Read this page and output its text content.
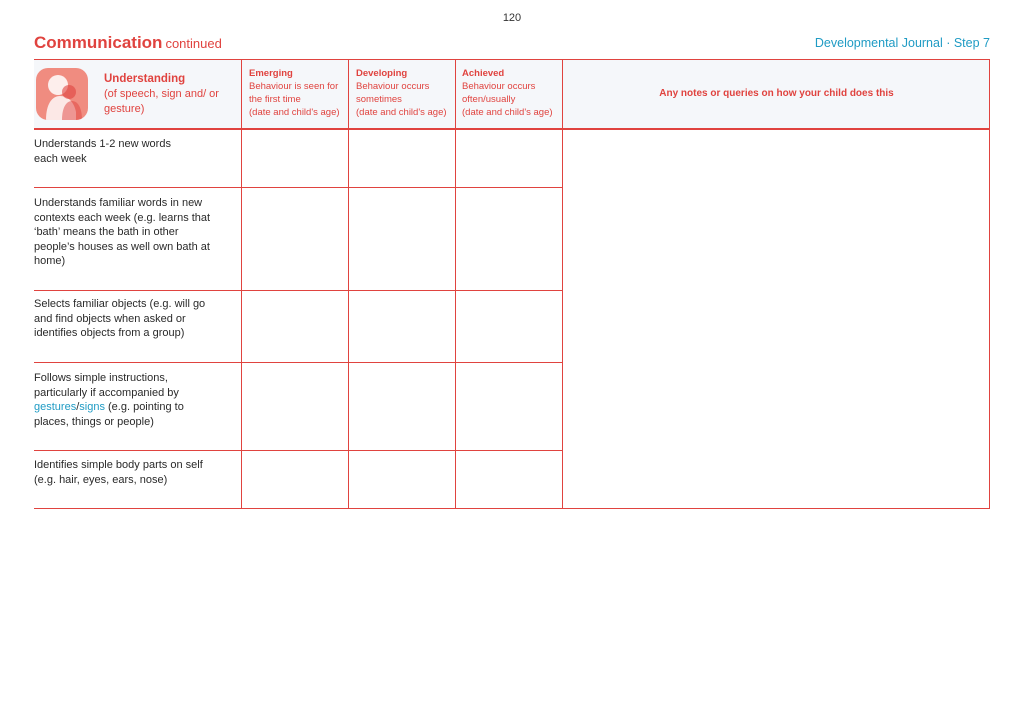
120
Communication continued	Developmental Journal · Step 7
Understanding
(of speech, sign and/ or gesture)
Emerging
Behaviour is seen for the first time
(date and child's age)
Developing
Behaviour occurs sometimes
(date and child's age)
Achieved
Behaviour occurs often/usually
(date and child's age)
Any notes or queries on how your child does this
Understands 1-2 new words each week
Understands familiar words in new contexts each week (e.g. learns that ‘bath’ means the bath in other people’s houses as well own bath at home)
Selects familiar objects (e.g. will go and find objects when asked or identifies objects from a group)
Follows simple instructions, particularly if accompanied by gestures/signs (e.g. pointing to places, things or people)
Identifies simple body parts on self (e.g. hair, eyes, ears, nose)
